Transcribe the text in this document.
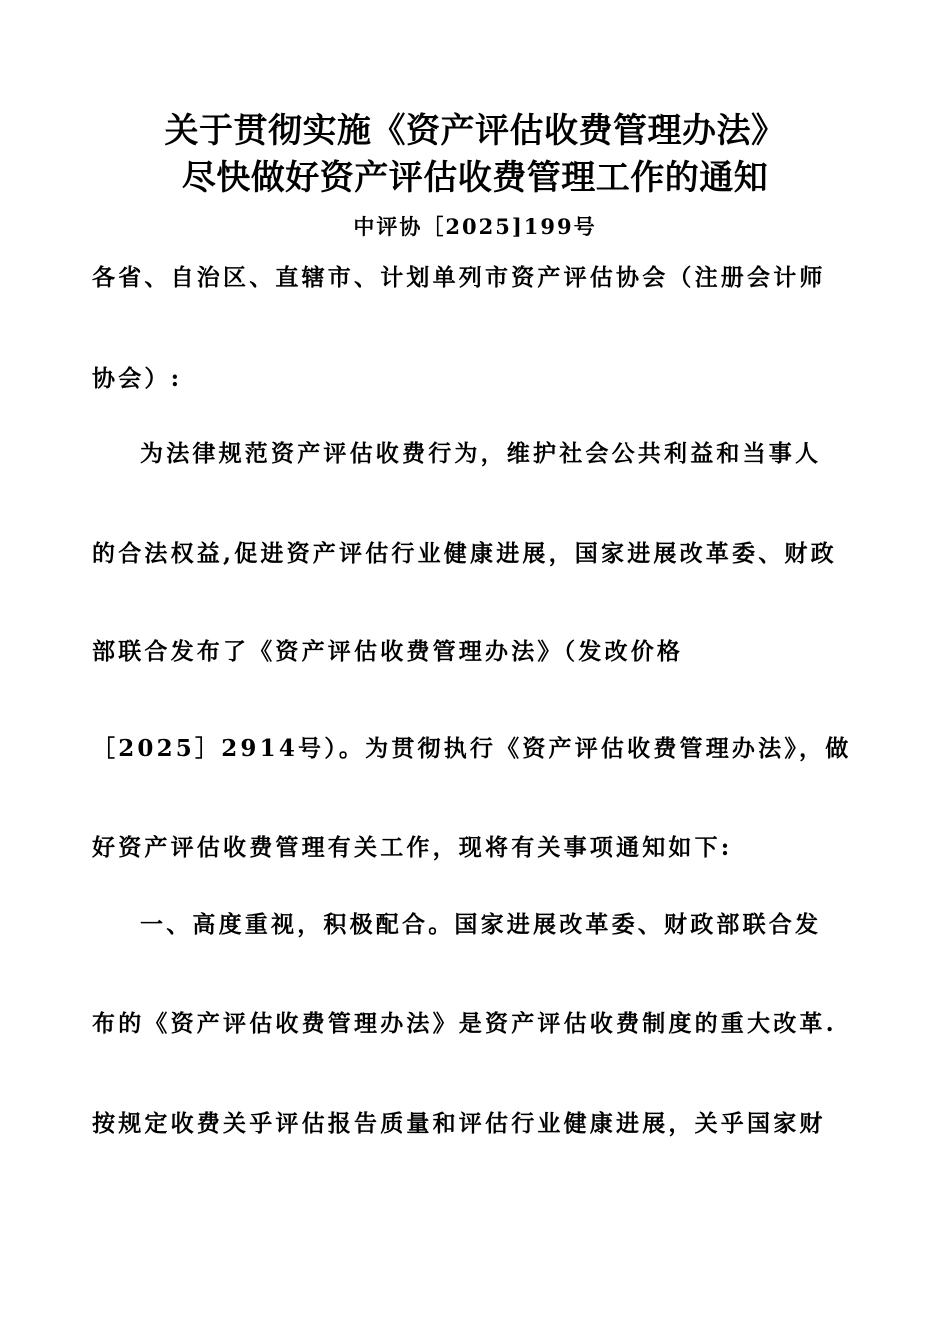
关于贯彻实施《资产评估收费管理办法》
尽快做好资产评估收费管理工作的通知
中评协［2025]199号
各省、自治区、直辖市、计划单列市资产评估协会（注册会计师
协会）:
为法律规范资产评估收费行为，维护社会公共利益和当事人
的合法权益,促进资产评估行业健康进展，国家进展改革委、财政
部联合发布了《资产评估收费管理办法》（发改价格
［2025］2914号）。为贯彻执行《资产评估收费管理办法》，做
好资产评估收费管理有关工作，现将有关事项通知如下:
一、高度重视，积极配合。国家进展改革委、财政部联合发
布的《资产评估收费管理办法》是资产评估收费制度的重大改革.
按规定收费关乎评估报告质量和评估行业健康进展，关乎国家财
